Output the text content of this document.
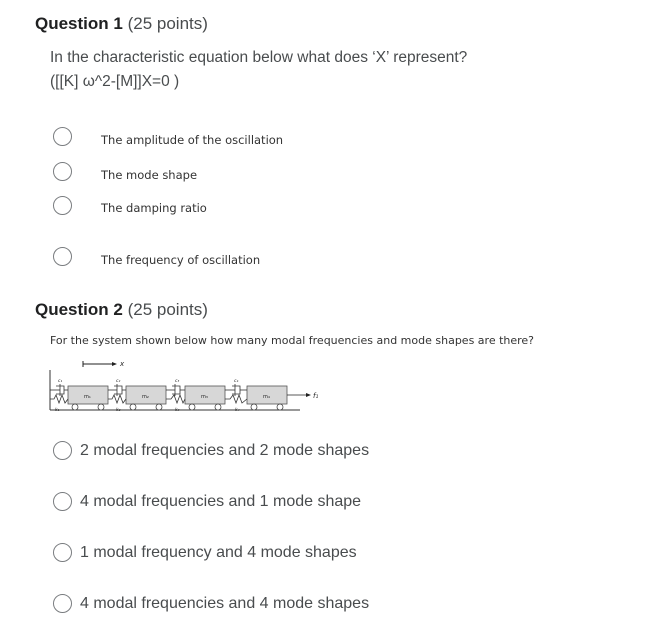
Question 1 (25 points)
In the characteristic equation below what does ‘X’ represent?
([[K] ω^2-[M]]X=0 )
The amplitude of the oscillation
The mode shape
The damping ratio
The frequency of oscillation
Question 2 (25 points)
For the system shown below how many modal frequencies and mode shapes are there?
x
m₁	m₂	m₃	m₄
k₁	k₂	k₃	k₄
c₁	c₂	c₃	c₄
f₁
2 modal frequencies and 2 mode shapes
4 modal frequencies and 1 mode shape
1 modal frequency and 4 mode shapes
4 modal frequencies and 4 mode shapes
